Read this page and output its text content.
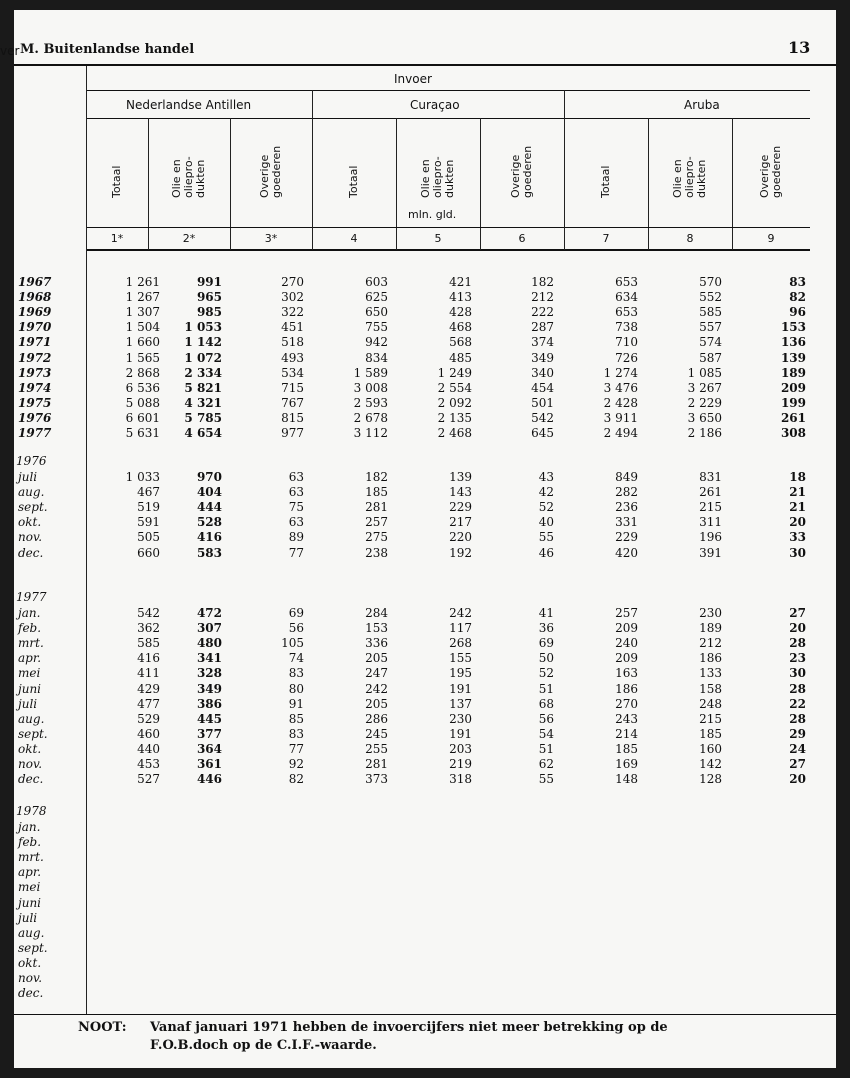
ver M. Buitenlandse handel	13
Invoer
Nederlandse Antillen	Curaçao	Aruba
mln. gld.
Totaal	Olie en oliepro- dukten	Overige goederen	Totaal	Olie en oliepro- dukten	Overige goederen	Totaal	Olie en oliepro- dukten	Overige goederen
1*	2*	3*	4	5	6	7	8	9
1967	1 261	991	270	603	421	182	653	570	83
1968	1 267	965	302	625	413	212	634	552	82
1969	1 307	985	322	650	428	222	653	585	96
1970	1 504	1 053	451	755	468	287	738	557	153
1971	1 660	1 142	518	942	568	374	710	574	136
1972	1 565	1 072	493	834	485	349	726	587	139
1973	2 868	2 334	534	1 589	1 249	340	1 274	1 085	189
1974	6 536	5 821	715	3 008	2 554	454	3 476	3 267	209
1975	5 088	4 321	767	2 593	2 092	501	2 428	2 229	199
1976	6 601	5 785	815	2 678	2 135	542	3 911	3 650	261
1977	5 631	4 654	977	3 112	2 468	645	2 494	2 186	308
1976
juli	1 033	970	63	182	139	43	849	831	18
aug.	467	404	63	185	143	42	282	261	21
sept.	519	444	75	281	229	52	236	215	21
okt.	591	528	63	257	217	40	331	311	20
nov.	505	416	89	275	220	55	229	196	33
dec.	660	583	77	238	192	46	420	391	30
1977
jan.	542	472	69	284	242	41	257	230	27
feb.	362	307	56	153	117	36	209	189	20
mrt.	585	480	105	336	268	69	240	212	28
apr.	416	341	74	205	155	50	209	186	23
mei	411	328	83	247	195	52	163	133	30
juni	429	349	80	242	191	51	186	158	28
juli	477	386	91	205	137	68	270	248	22
aug.	529	445	85	286	230	56	243	215	28
sept.	460	377	83	245	191	54	214	185	29
okt.	440	364	77	255	203	51	185	160	24
nov.	453	361	92	281	219	62	169	142	27
dec.	527	446	82	373	318	55	148	128	20
1978
jan.
feb.
mrt.
apr.
mei
juni
juli
aug.
sept.
okt.
nov.
dec.
NOOT: Vanaf januari 1971 hebben de invoercijfers niet meer betrekking op de
F.O.B.doch op de C.I.F.-waarde.
